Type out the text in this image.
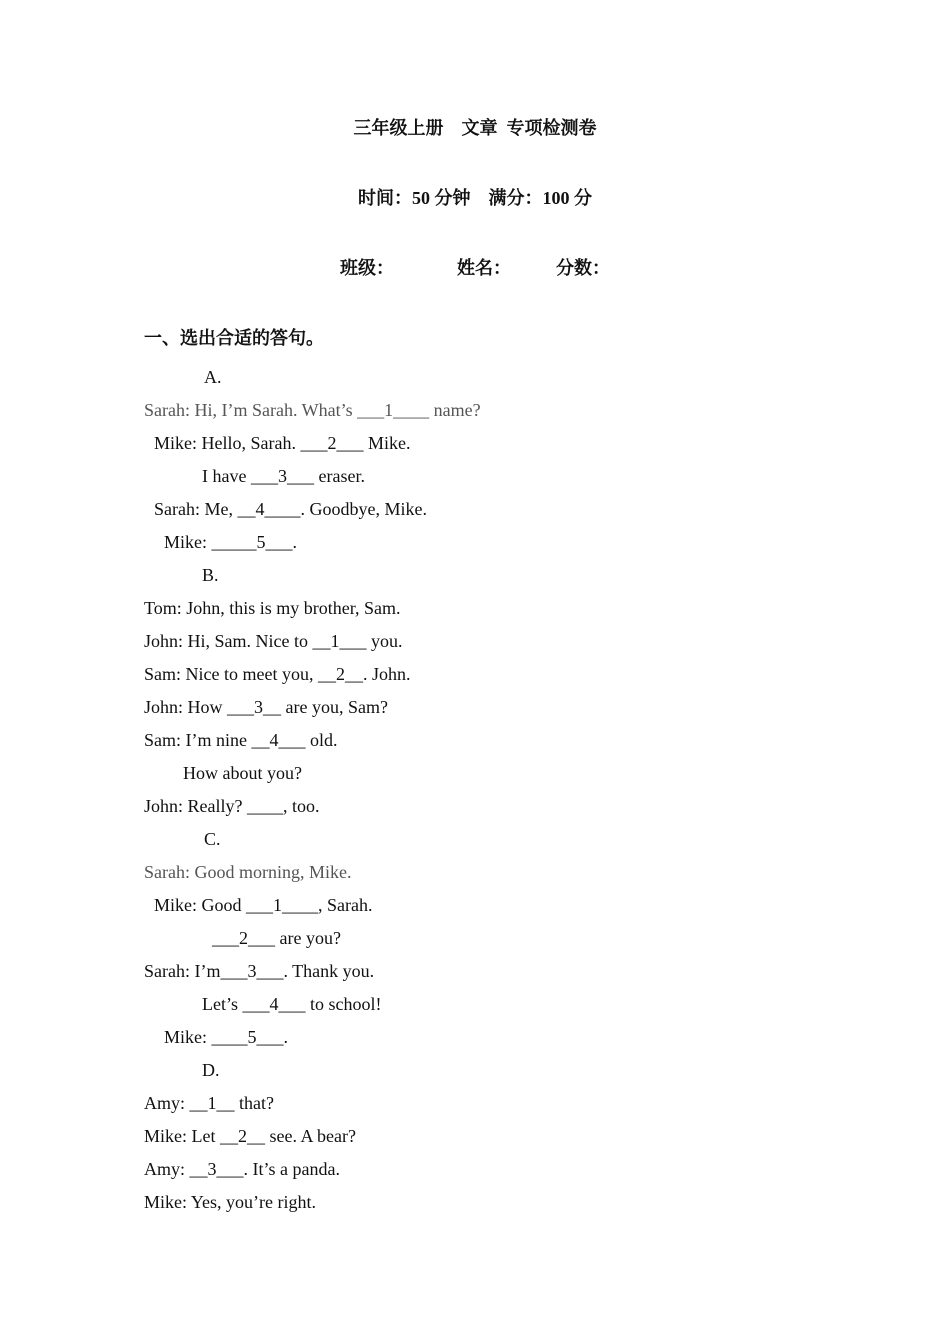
三年级上册    文章  专项检测卷
时间：50 分钟    满分：100 分
班级：              姓名：          分数：
一、选出合适的答句。
A.
Sarah: Hi, I’m Sarah. What’s ___1____ name?
Mike: Hello, Sarah. ___2___ Mike.
I have ___3___ eraser.
Sarah: Me, __4____. Goodbye, Mike.
Mike: _____5___.
B.
Tom: John, this is my brother, Sam.
John: Hi, Sam. Nice to __1___ you.
Sam: Nice to meet you, __2__. John.
John: How ___3__ are you, Sam?
Sam: I’m nine __4___ old.
How about you?
John: Really? ____, too.
C.
Sarah: Good morning, Mike.
Mike: Good ___1____, Sarah.
___2___ are you?
Sarah: I’m___3___. Thank you.
Let’s ___4___ to school!
Mike: ____5___.
D.
Amy: __1__ that?
Mike: Let __2__ see. A bear?
Amy: __3___. It’s a panda.
Mike: Yes, you’re right.
